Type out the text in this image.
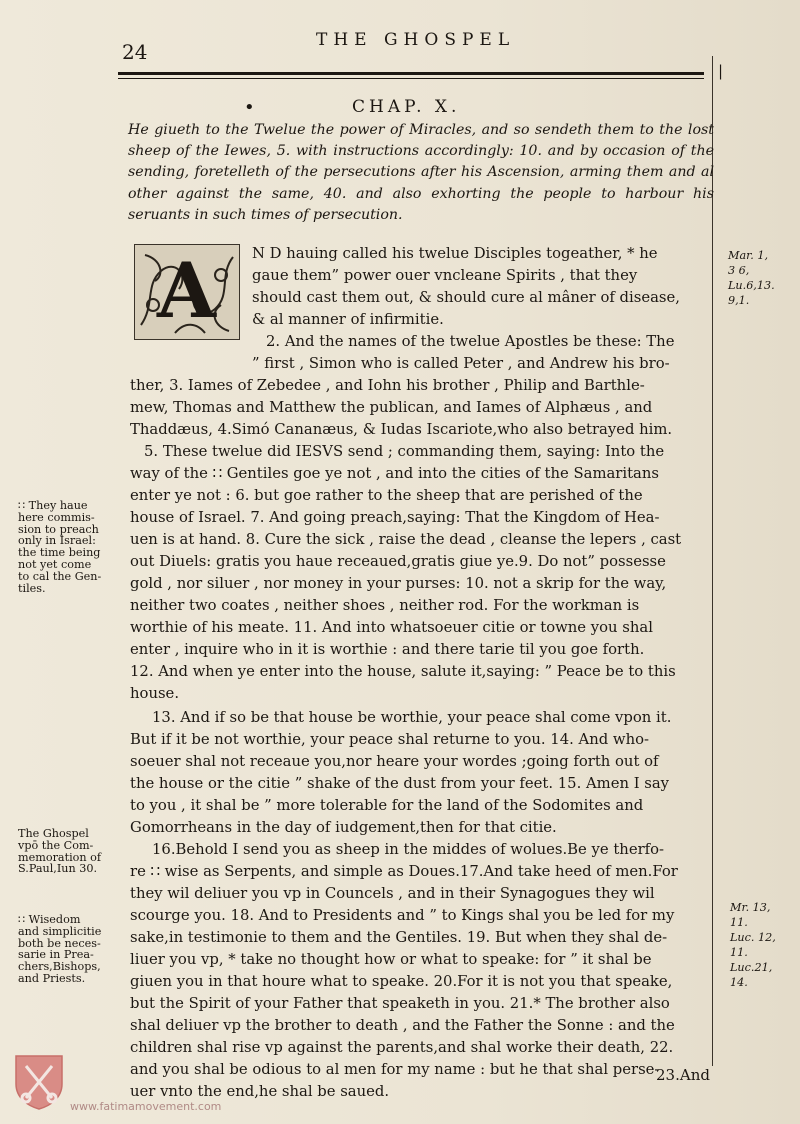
24	THE GHOSPEL
|
•	CHAP. X.
He giueth to the Twelue the power of Miracles, and so sendeth them to the lost sheep of the Iewes, 5. with instructions accordingly: 10. and by occasion of the sending, foretelleth of the persecutions after his Ascension, arming them and al other against the same, 40. and also exhorting the people to harbour his seruants in such times of persecution.
A N D hauing called his twelue Disciples togeather, * he
gaue them” power ouer vncleane Spirits , that they
should cast them out, & should cure al mâner of disease,
& al manner of infirmitie.
2. And the names of the twelue Apostles be these: The
” first , Simon who is called Peter , and Andrew his bro-
ther, 3. Iames of Zebedee , and Iohn his brother , Philip and Barthle-
mew, Thomas and Matthew the publican, and Iames of Alphæus , and
Thaddæus, 4.Simó Cananæus, & Iudas Iscariote,who also betrayed him.
5. These twelue did IESVS send ; commanding them, saying: Into the
way of the ∷ Gentiles goe ye not , and into the cities of the Samaritans
enter ye not : 6. but goe rather to the sheep that are perished of the
house of Israel. 7. And going preach,saying: That the Kingdom of Hea-
uen is at hand. 8. Cure the sick , raise the dead , cleanse the lepers , cast
out Diuels: gratis you haue receaued,gratis giue ye.9. Do not” possesse
gold , nor siluer , nor money in your purses: 10. not a skrip for the way,
neither two coates , neither shoes , neither rod. For the workman is
worthie of his meate. 11. And into whatsoeuer citie or towne you shal
enter , inquire who in it is worthie : and there tarie til you goe forth.
12. And when ye enter into the house, salute it,saying: ” Peace be to this
house.
13. And if so be that house be worthie, your peace shal come vpon it.
But if it be not worthie, your peace shal returne to you. 14. And who-
soeuer shal not receaue you,nor heare your wordes ;going forth out of
the house or the citie ” shake of the dust from your feet. 15. Amen I say
to you , it shal be ” more tolerable for the land of the Sodomites and
Gomorrheans in the day of iudgement,then for that citie.
16.Behold I send you as sheep in the middes of wolues.Be ye therfo-
re ∷ wise as Serpents, and simple as Doues.17.And take heed of men.For
they wil deliuer you vp in Councels , and in their Synagogues they wil
scourge you. 18. And to Presidents and ” to Kings shal you be led for my
sake,in testimonie to them and the Gentiles. 19. But when they shal de-
liuer you vp, * take no thought how or what to speake: for ” it shal be
giuen you in that houre what to speake. 20.For it is not you that speake,
but the Spirit of your Father that speaketh in you. 21.* The brother also
shal deliuer vp the brother to death , and the Father the Sonne : and the
children shal rise vp against the parents,and shal worke their death, 22.
and you shal be odious to al men for my name : but he that shal perse-
uer vnto the end,he shal be saued.
∷ They haue
here commis-
sion to preach
only in Israel:
the time being
not yet come
to cal the Gen-
tiles.
The Ghospel
vpō the Com-
memoration of
S.Paul,Iun 30.
∷ Wisedom
and simplicitie
both be neces-
sarie in Prea-
chers,Bishops,
and Priests.
Mar. 1,
3 6,
Lu.6,13.
9,1.
Mr. 13,
11.
Luc. 12,
11.
Luc.21,
14.
23.And
www.fatimamovement.com
